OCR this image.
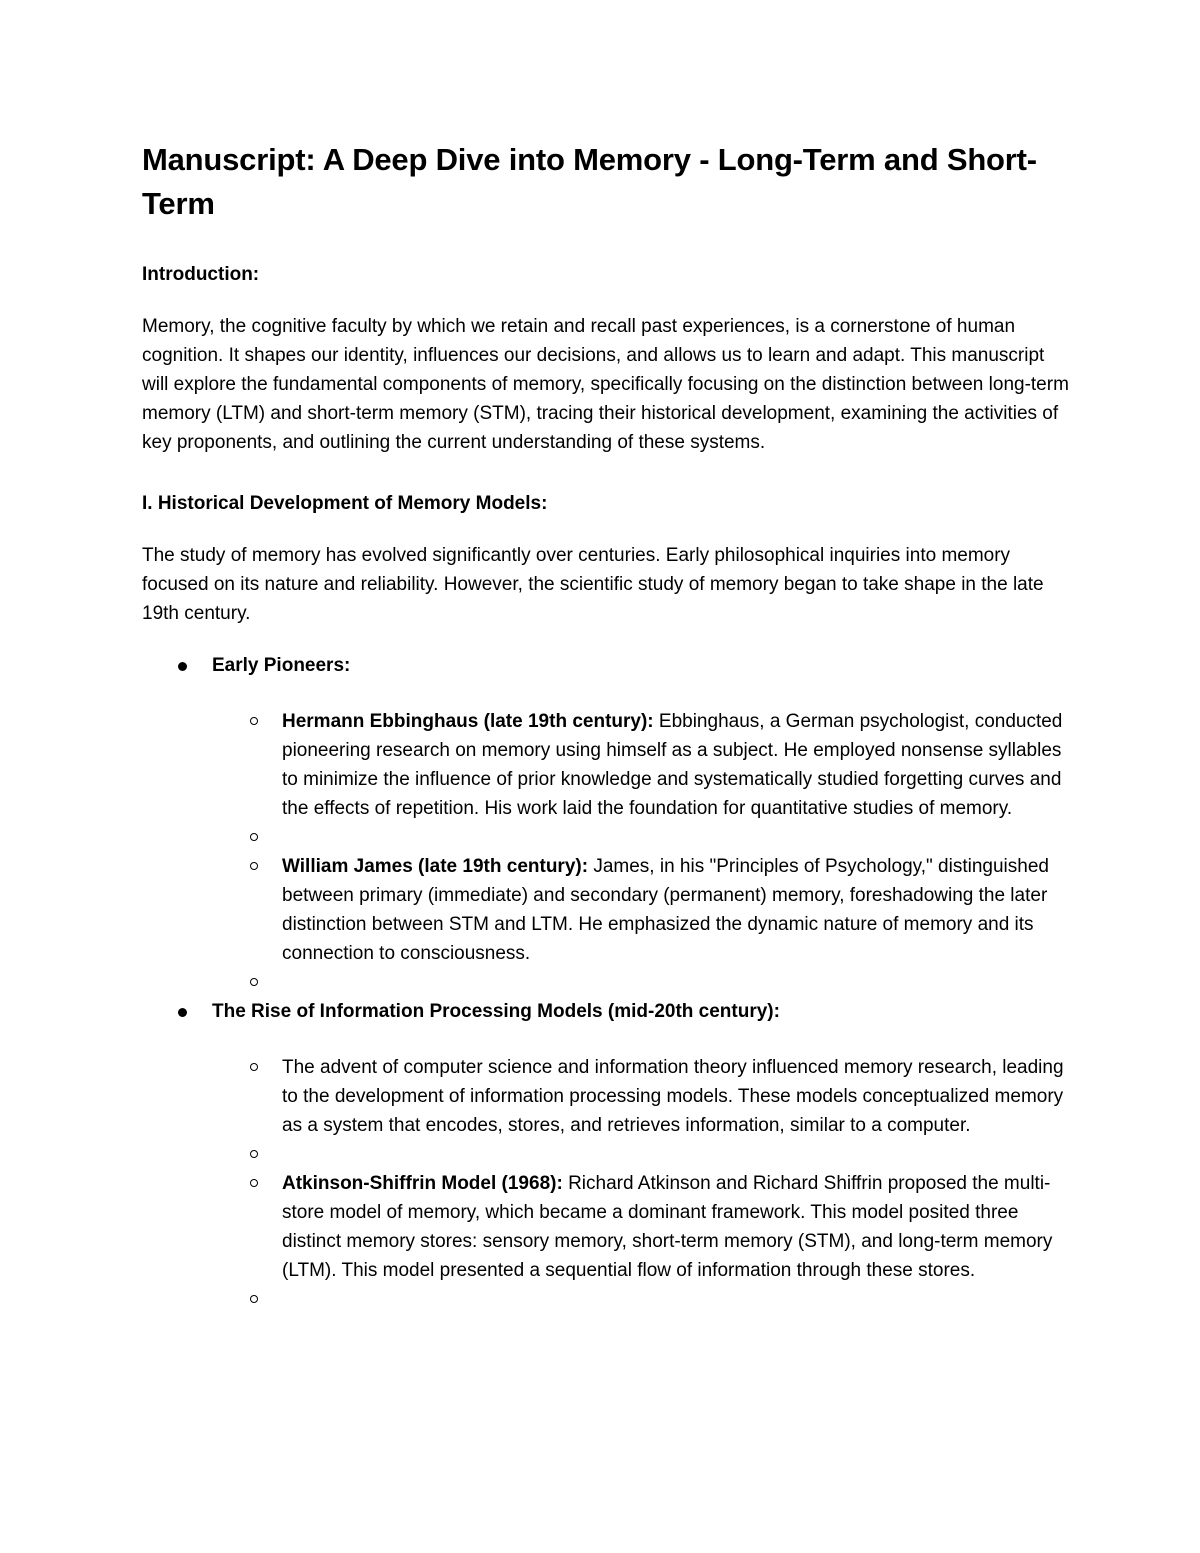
Manuscript: A Deep Dive into Memory - Long-Term and Short-Term

Introduction:

Memory, the cognitive faculty by which we retain and recall past experiences, is a cornerstone of human cognition. It shapes our identity, influences our decisions, and allows us to learn and adapt. This manuscript will explore the fundamental components of memory, specifically focusing on the distinction between long-term memory (LTM) and short-term memory (STM), tracing their historical development, examining the activities of key proponents, and outlining the current understanding of these systems.

I. Historical Development of Memory Models:

The study of memory has evolved significantly over centuries. Early philosophical inquiries into memory focused on its nature and reliability. However, the scientific study of memory began to take shape in the late 19th century.

Early Pioneers:
Hermann Ebbinghaus (late 19th century): Ebbinghaus, a German psychologist, conducted pioneering research on memory using himself as a subject. He employed nonsense syllables to minimize the influence of prior knowledge and systematically studied forgetting curves and the effects of repetition. His work laid the foundation for quantitative studies of memory.
William James (late 19th century): James, in his "Principles of Psychology," distinguished between primary (immediate) and secondary (permanent) memory, foreshadowing the later distinction between STM and LTM. He emphasized the dynamic nature of memory and its connection to consciousness.
The Rise of Information Processing Models (mid-20th century):
The advent of computer science and information theory influenced memory research, leading to the development of information processing models. These models conceptualized memory as a system that encodes, stores, and retrieves information, similar to a computer.
Atkinson-Shiffrin Model (1968): Richard Atkinson and Richard Shiffrin proposed the multi-store model of memory, which became a dominant framework. This model posited three distinct memory stores: sensory memory, short-term memory (STM), and long-term memory (LTM). This model presented a sequential flow of information through these stores.
